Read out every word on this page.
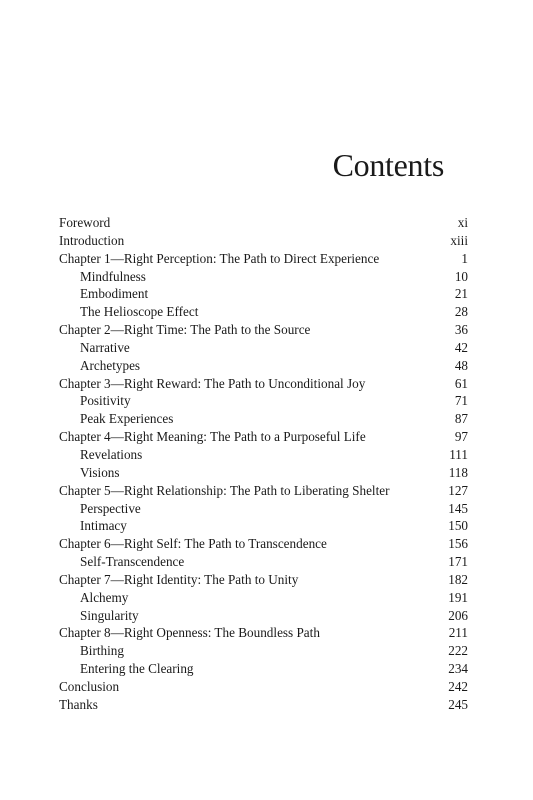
Contents
Foreword	xi
Introduction	xiii
Chapter 1—Right Perception: The Path to Direct Experience	1
Mindfulness	10
Embodiment	21
The Helioscope Effect	28
Chapter 2—Right Time: The Path to the Source	36
Narrative	42
Archetypes	48
Chapter 3—Right Reward: The Path to Unconditional Joy	61
Positivity	71
Peak Experiences	87
Chapter 4—Right Meaning: The Path to a Purposeful Life	97
Revelations	111
Visions	118
Chapter 5—Right Relationship: The Path to Liberating Shelter	127
Perspective	145
Intimacy	150
Chapter 6—Right Self: The Path to Transcendence	156
Self-Transcendence	171
Chapter 7—Right Identity: The Path to Unity	182
Alchemy	191
Singularity	206
Chapter 8—Right Openness: The Boundless Path	211
Birthing	222
Entering the Clearing	234
Conclusion	242
Thanks	245
